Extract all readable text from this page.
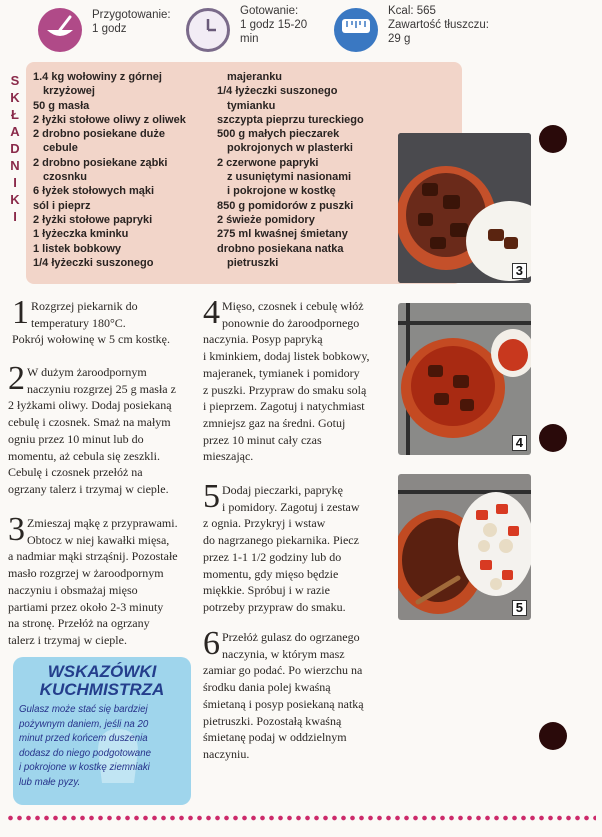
Przygotowanie:
1 godz
Gotowanie:
1 godz 15-20
min
Kcal: 565
Zawartość tłuszczu:
29 g
S
K
Ł
A
D
N
I
K
I
1.4 kg wołowiny z górnej
krzyżowej
50 g masła
2 łyżki stołowe oliwy z oliwek
2 drobno posiekane duże
cebule
2 drobno posiekane ząbki
czosnku
6 łyżek stołowych mąki
sól i pieprz
2 łyżki stołowe papryki
1 łyżeczka kminku
1 listek bobkowy
1/4 łyżeczki suszonego
majeranku
1/4 łyżeczki suszonego
tymianku
szczypta pieprzu tureckiego
500 g małych pieczarek
pokrojonych w plasterki
2 czerwone papryki
z usuniętymi nasionami
i pokrojone w kostkę
850 g pomidorów z puszki
2 świeże pomidory
275 ml kwaśnej śmietany
drobno posiekana natka
pietruszki
3
4
5
1 Rozgrzej piekarnik do
temperatury 180°C.
Pokrój wołowinę w 5 cm kostkę.
2 W dużym żaroodpornym
naczyniu rozgrzej 25 g masła z
2 łyżkami oliwy. Dodaj posiekaną
cebulę i czosnek. Smaż na małym
ogniu przez 10 minut lub do
momentu, aż cebula się zeszkli.
Cebulę i czosnek przełóż na
ogrzany talerz i trzymaj w cieple.
3 Zmieszaj mąkę z przyprawami.
Obtocz w niej kawałki mięsa,
a nadmiar mąki strząśnij. Pozostałe
masło rozgrzej w żaroodpornym
naczyniu i obsmażaj mięso
partiami przez około 2-3 minuty
na stronę. Przełóż na ogrzany
talerz i trzymaj w cieple.
4 Mięso, czosnek i cebulę włóż
ponownie do żaroodpornego
naczynia. Posyp papryką
i kminkiem, dodaj listek bobkowy,
majeranek, tymianek i pomidory
z puszki. Przypraw do smaku solą
i pieprzem. Zagotuj i natychmiast
zmniejsz gaz na średni. Gotuj
przez 10 minut cały czas
mieszając.
5 Dodaj pieczarki, paprykę
i pomidory. Zagotuj i zestaw
z ognia. Przykryj i wstaw
do nagrzanego piekarnika. Piecz
przez 1-1 1/2 godziny lub do
momentu, gdy mięso będzie
miękkie. Spróbuj i w razie
potrzeby przypraw do smaku.
6 Przełóż gulasz do ogrzanego
naczynia, w którym masz
zamiar go podać. Po wierzchu na
środku dania polej kwaśną
śmietaną i posyp posiekaną natką
pietruszki. Pozostałą kwaśną
śmietanę podaj w oddzielnym
naczyniu.
WSKAZÓWKI
KUCHMISTRZA
Gulasz może stać się bardziej
pożywnym daniem, jeśli na 20
minut przed końcem duszenia
dodasz do niego podgotowane
i pokrojone w kostkę ziemniaki
lub małe pyzy.
